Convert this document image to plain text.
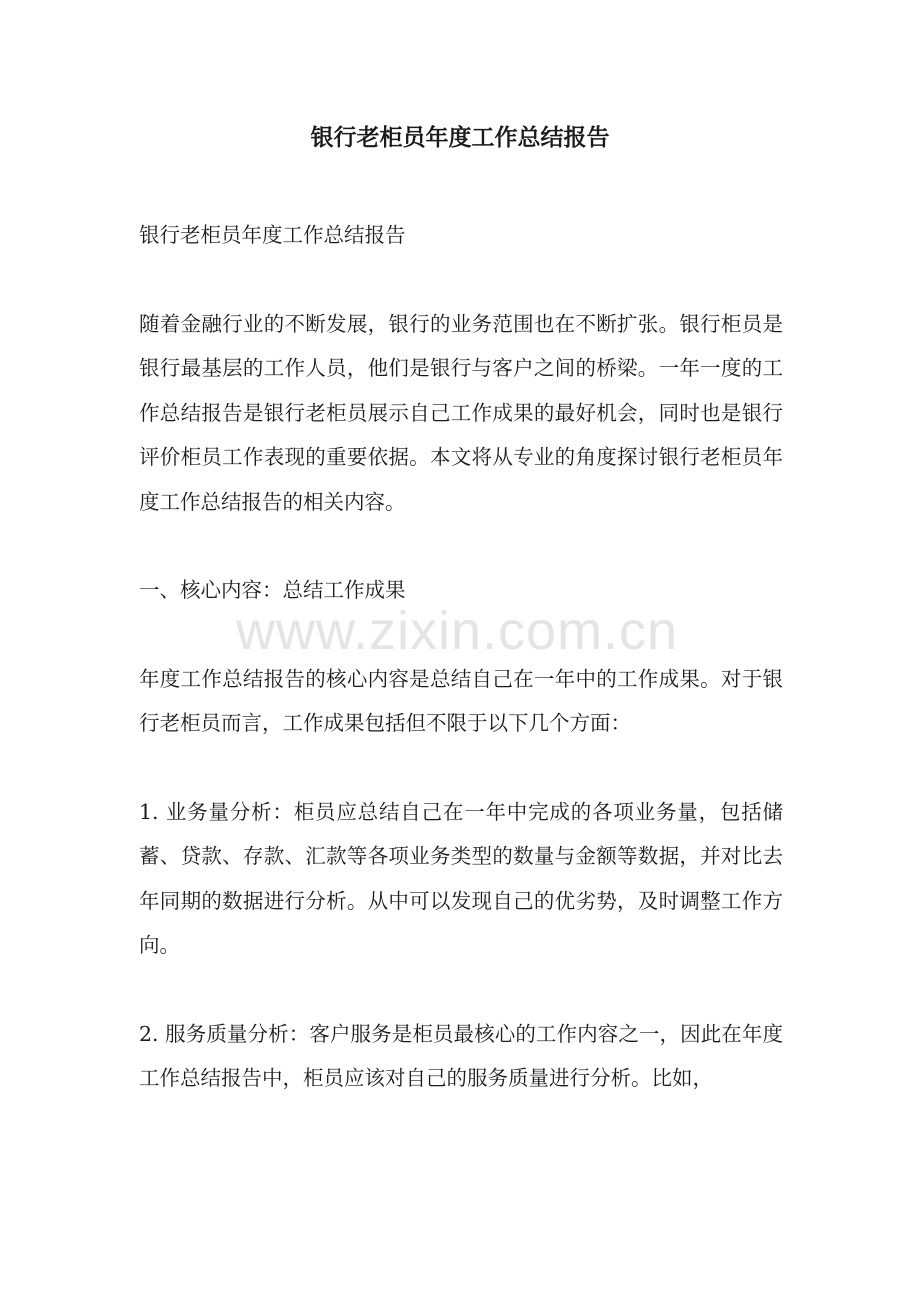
银行老柜员年度工作总结报告

银行老柜员年度工作总结报告

随着金融行业的不断发展，银行的业务范围也在不断扩张。银行柜员是银行最基层的工作人员，他们是银行与客户之间的桥梁。一年一度的工作总结报告是银行老柜员展示自己工作成果的最好机会，同时也是银行评价柜员工作表现的重要依据。本文将从专业的角度探讨银行老柜员年度工作总结报告的相关内容。

一、核心内容：总结工作成果

年度工作总结报告的核心内容是总结自己在一年中的工作成果。对于银行老柜员而言，工作成果包括但不限于以下几个方面：

1. 业务量分析：柜员应总结自己在一年中完成的各项业务量，包括储蓄、贷款、存款、汇款等各项业务类型的数量与金额等数据，并对比去年同期的数据进行分析。从中可以发现自己的优劣势，及时调整工作方向。

2. 服务质量分析：客户服务是柜员最核心的工作内容之一，因此在年度工作总结报告中，柜员应该对自己的服务质量进行分析。比如，

www.zixin.com.cn
